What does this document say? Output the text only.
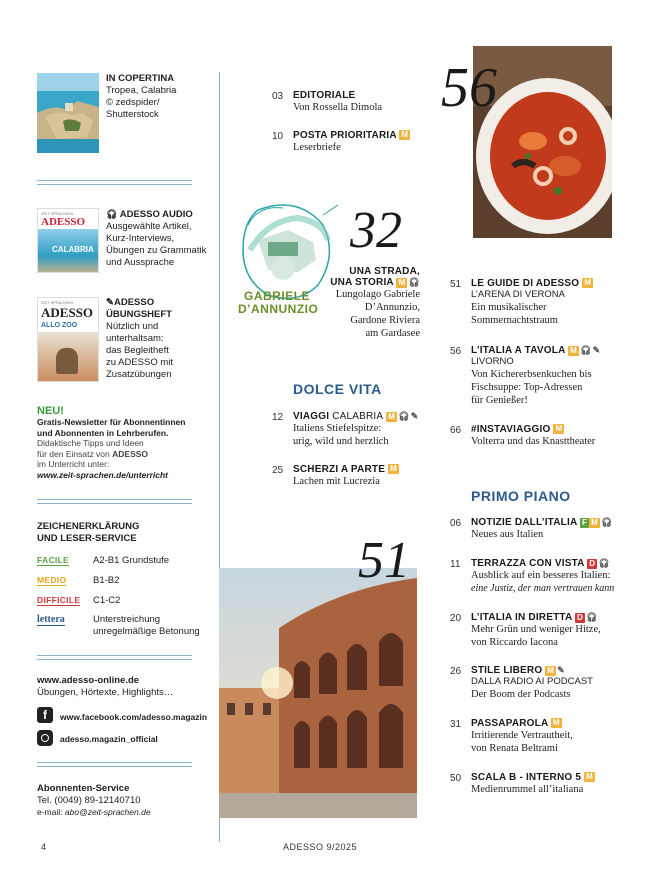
IN COPERTINA
Tropea, Calabria
© zedspider/
Shutterstock
ZEIT SPRACHEN
ADESSO
CALABRIA
🎧︎ ADESSO AUDIO
Ausgewählte Artikel,
Kurz-Interviews,
Übungen zu Grammatik
und Aussprache
ZEIT SPRACHEN
ADESSO
ALLO ZOO
✎ADESSO
ÜBUNGSHEFT
Nützlich und
unterhaltsam:
das Begleitheft
zu ADESSO mit
Zusatzübungen
NEU!
Gratis-Newsletter für Abonnentinnen
und Abonnenten in Lehrberufen.
Didaktische Tipps und Ideen
für den Einsatz von ADESSO
im Unterricht unter:
www.zeit-sprachen.de/unterricht
ZEICHENERKLÄRUNG
UND LESER-SERVICE
FACILE	A2-B1 Grundstufe
MEDIO	B1-B2
DIFFICILE C1-C2
lettera	Unterstreichung
unregelmäßige Betonung
www.adesso-online.de
Übungen, Hörtexte, Highlights…
f	www.facebook.com/adesso.magazin
adesso.magazin_official
Abonnenten-Service
Tel. (0049) 89-12140710
e-mail: abo@zeit-sprachen.de
03 EDITORIALE
Von Rossella Dimola
10 POSTA PRIORITARIA M
Leserbriefe
GABRIELE
D’ANNUNZIO
32
UNA STRADA,
UNA STORIA M 🎧︎
Lungolago Gabriele
D’Annunzio,
Gardone Riviera
am Gardasee
DOLCE VITA
12 VIAGGI CALABRIA M 🎧︎✎
Italiens Stiefelspitze:
urig, wild und herzlich
25 SCHERZI A PARTE M
Lachen mit Lucrezia
51
56
51 LE GUIDE DI ADESSO M
L’ARENA DI VERONA
Ein musikalischer
Sommernachtstraum
56 L’ITALIA A TAVOLA M 🎧︎✎
LIVORNO
Von Kichererbsenkuchen bis
Fischsuppe: Top-Adressen
für Genießer!
66 #INSTAVIAGGIO M
Volterra und das Knasttheater
PRIMO PIANO
06 NOTIZIE DALL’ITALIA F M 🎧︎
Neues aus Italien
11 TERRAZZA CON VISTA D 🎧︎
Ausblick auf ein besseres Italien:
eine Justiz, der man vertrauen kann
20 L’ITALIA IN DIRETTA D 🎧︎
Mehr Grün und weniger Hitze,
von Riccardo Iacona
26 STILE LIBERO M ✎
DALLA RADIO AI PODCAST
Der Boom der Podcasts
31 PASSAPAROLA M
Irritierende Vertrautheit,
von Renata Beltrami
50 SCALA B - INTERNO 5 M
Medienrummel all’italiana
4	ADESSO 9/2025
